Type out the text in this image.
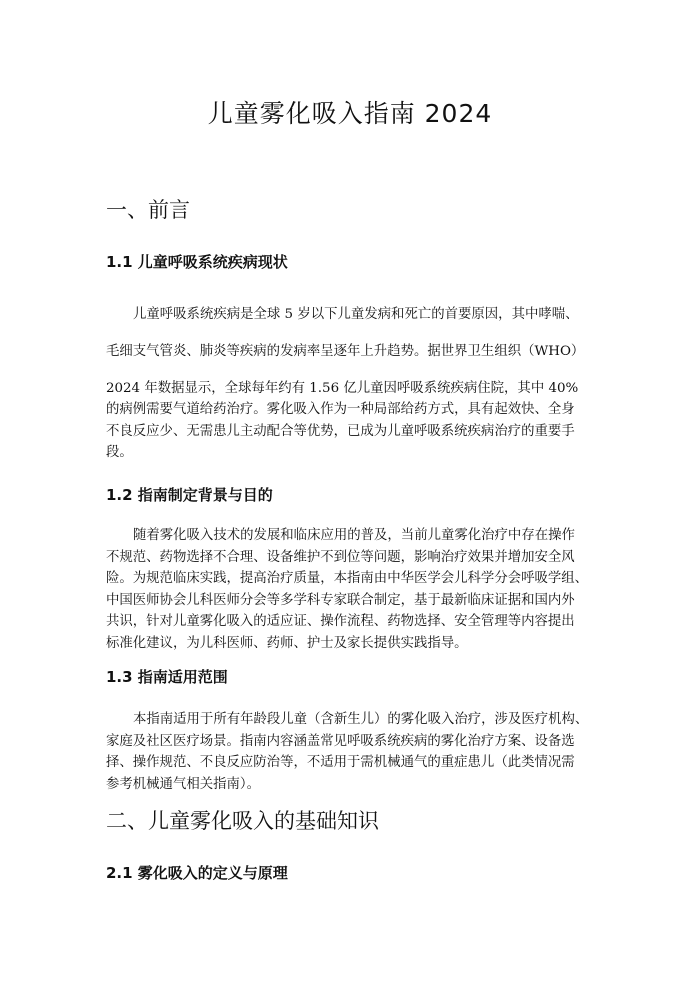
儿童雾化吸入指南 2024
一、前言
1.1 儿童呼吸系统疾病现状
儿童呼吸系统疾病是全球 5 岁以下儿童发病和死亡的首要原因，其中哮喘、
毛细支气管炎、肺炎等疾病的发病率呈逐年上升趋势。据世界卫生组织（WHO）
2024 年数据显示，全球每年约有 1.56 亿儿童因呼吸系统疾病住院，其中 40%
的病例需要气道给药治疗。雾化吸入作为一种局部给药方式，具有起效快、全身
不良反应少、无需患儿主动配合等优势，已成为儿童呼吸系统疾病治疗的重要手
段。
1.2 指南制定背景与目的
随着雾化吸入技术的发展和临床应用的普及，当前儿童雾化治疗中存在操作
不规范、药物选择不合理、设备维护不到位等问题，影响治疗效果并增加安全风
险。为规范临床实践，提高治疗质量，本指南由中华医学会儿科学分会呼吸学组、
中国医师协会儿科医师分会等多学科专家联合制定，基于最新临床证据和国内外
共识，针对儿童雾化吸入的适应证、操作流程、药物选择、安全管理等内容提出
标准化建议，为儿科医师、药师、护士及家长提供实践指导。
1.3 指南适用范围
本指南适用于所有年龄段儿童（含新生儿）的雾化吸入治疗，涉及医疗机构、
家庭及社区医疗场景。指南内容涵盖常见呼吸系统疾病的雾化治疗方案、设备选
择、操作规范、不良反应防治等，不适用于需机械通气的重症患儿（此类情况需
参考机械通气相关指南）。
二、儿童雾化吸入的基础知识
2.1 雾化吸入的定义与原理
